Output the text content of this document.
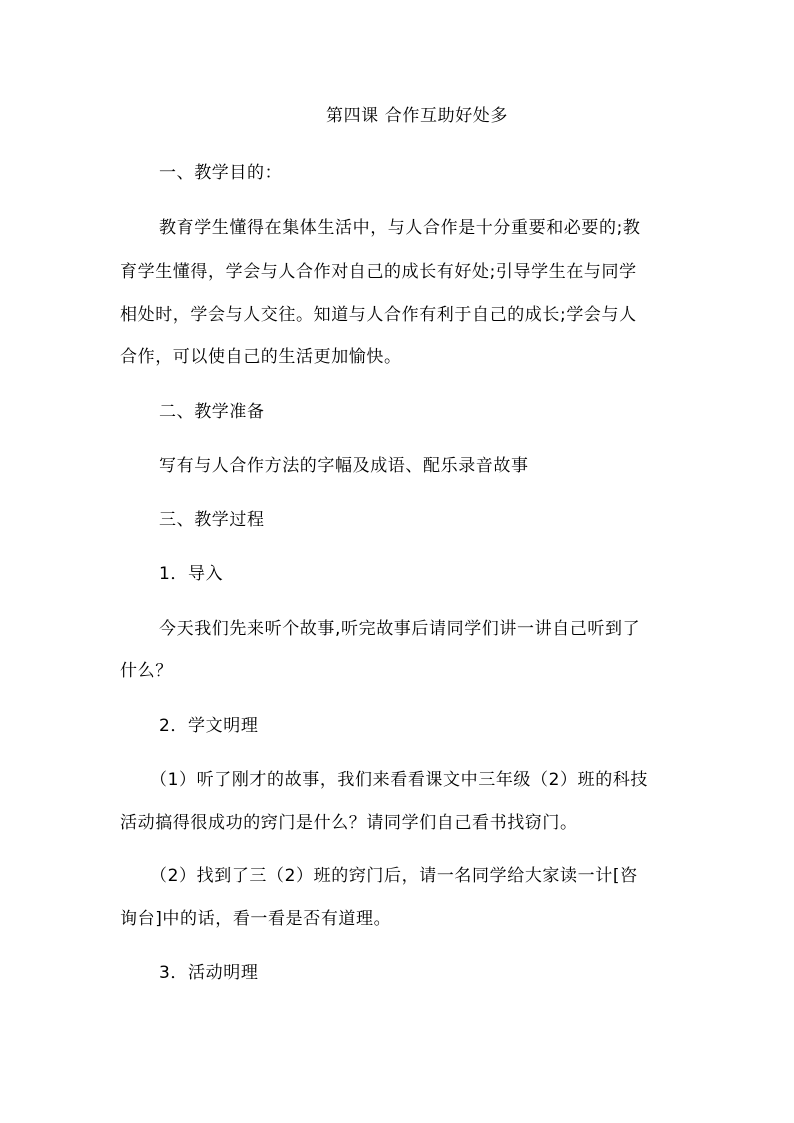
第四课 合作互助好处多
一、教学目的：
教育学生懂得在集体生活中，与人合作是十分重要和必要的;教
育学生懂得，学会与人合作对自己的成长有好处;引导学生在与同学
相处时，学会与人交往。知道与人合作有利于自己的成长;学会与人
合作，可以使自己的生活更加愉快。
二、教学准备
写有与人合作方法的字幅及成语、配乐录音故事
三、教学过程
1．导入
今天我们先来听个故事,听完故事后请同学们讲一讲自己听到了
什么？
2．学文明理
（1）听了刚才的故事，我们来看看课文中三年级（2）班的科技
活动搞得很成功的窍门是什么？请同学们自己看书找窃门。
（2）找到了三（2）班的窍门后，请一名同学给大家读一计[咨
询台]中的话，看一看是否有道理。
3．活动明理
